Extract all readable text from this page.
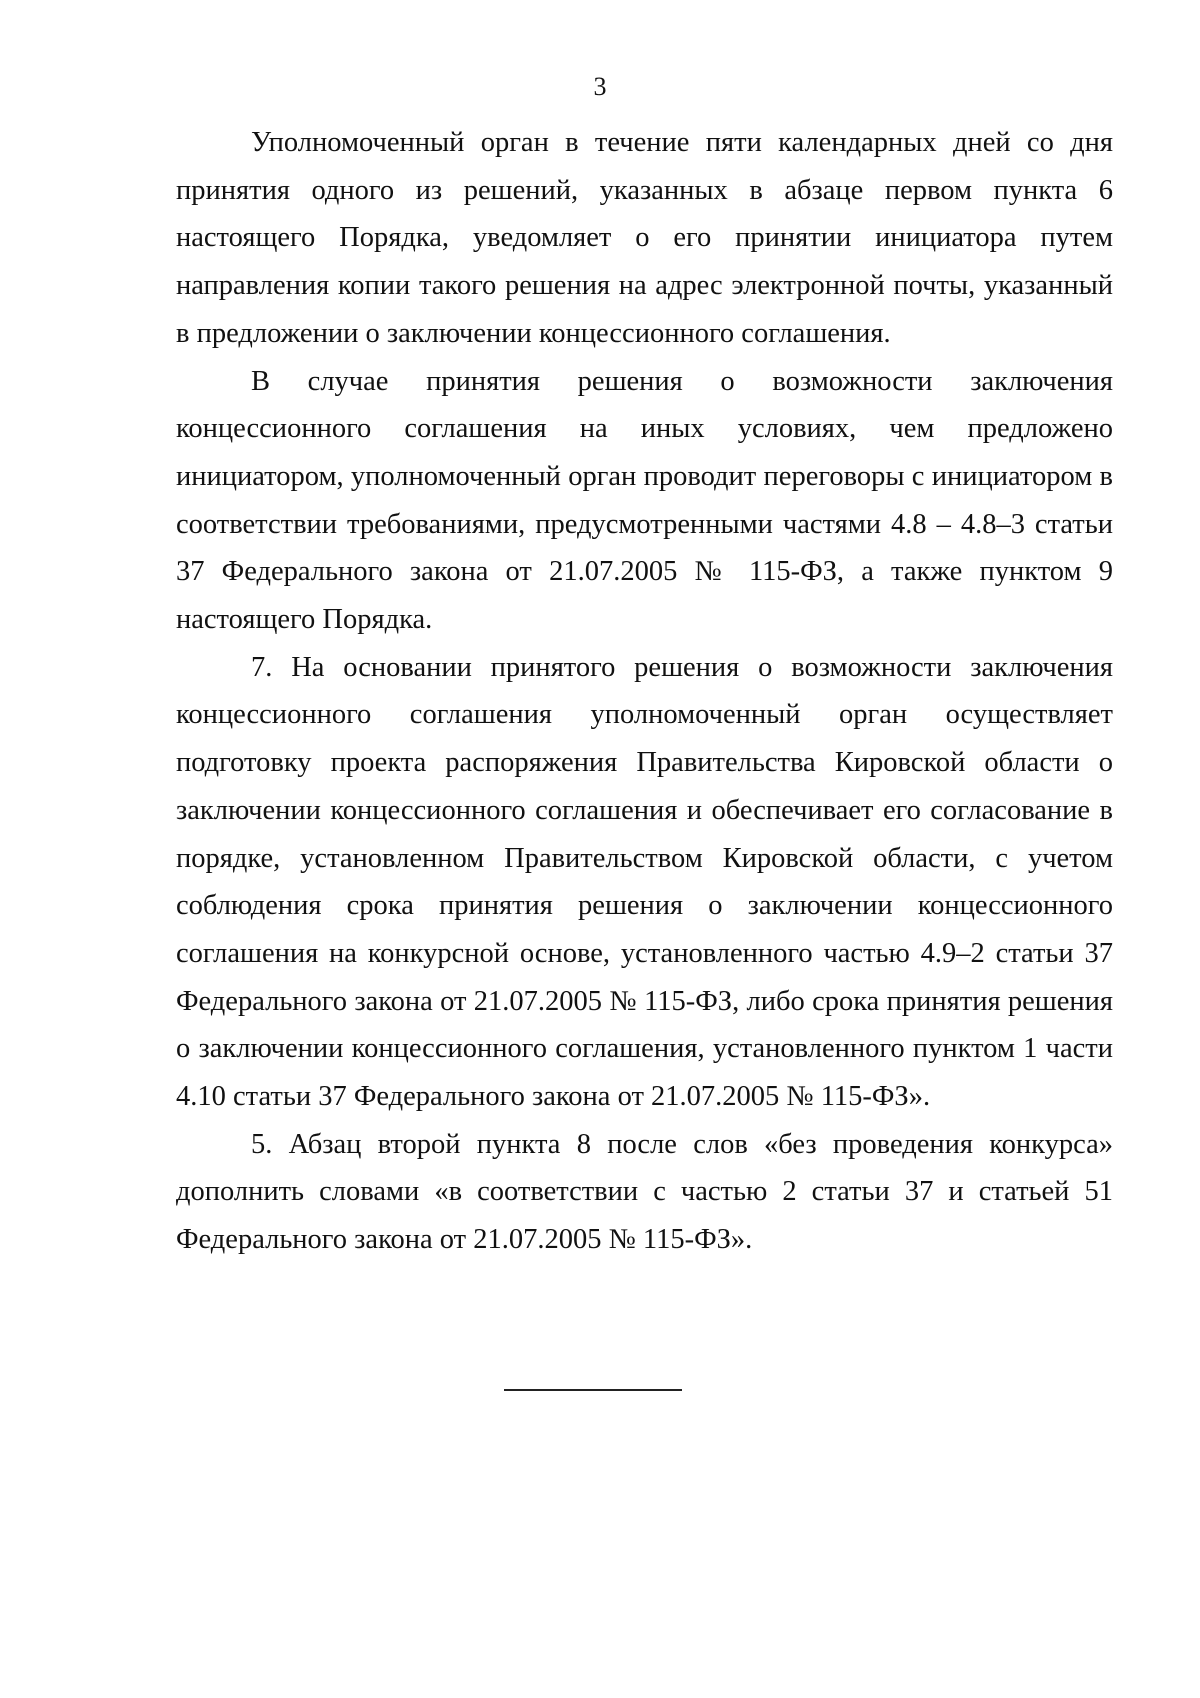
3

Уполномоченный орган в течение пяти календарных дней со дня принятия одного из решений, указанных в абзаце первом пункта 6 настоящего Порядка, уведомляет о его принятии инициатора путем направления копии такого решения на адрес электронной почты, указанный в предложении о заключении концессионного соглашения.

В случае принятия решения о возможности заключения концессионного соглашения на иных условиях, чем предложено инициатором, уполномоченный орган проводит переговоры с инициатором в соответствии требованиями, предусмотренными частями 4.8 – 4.8–3 статьи 37 Федерального закона от 21.07.2005 № 115-ФЗ, а также пунктом 9 настоящего Порядка.

7. На основании принятого решения о возможности заключения концессионного соглашения уполномоченный орган осуществляет подготовку проекта распоряжения Правительства Кировской области о заключении концессионного соглашения и обеспечивает его согласование в порядке, установленном Правительством Кировской области, с учетом соблюдения срока принятия решения о заключении концессионного соглашения на конкурсной основе, установленного частью 4.9–2 статьи 37 Федерального закона от 21.07.2005 № 115-ФЗ, либо срока принятия решения о заключении концессионного соглашения, установленного пунктом 1 части 4.10 статьи 37 Федерального закона от 21.07.2005 № 115-ФЗ».

5. Абзац второй пункта 8 после слов «без проведения конкурса» дополнить словами «в соответствии с частью 2 статьи 37 и статьей 51 Федерального закона от 21.07.2005 № 115-ФЗ».
